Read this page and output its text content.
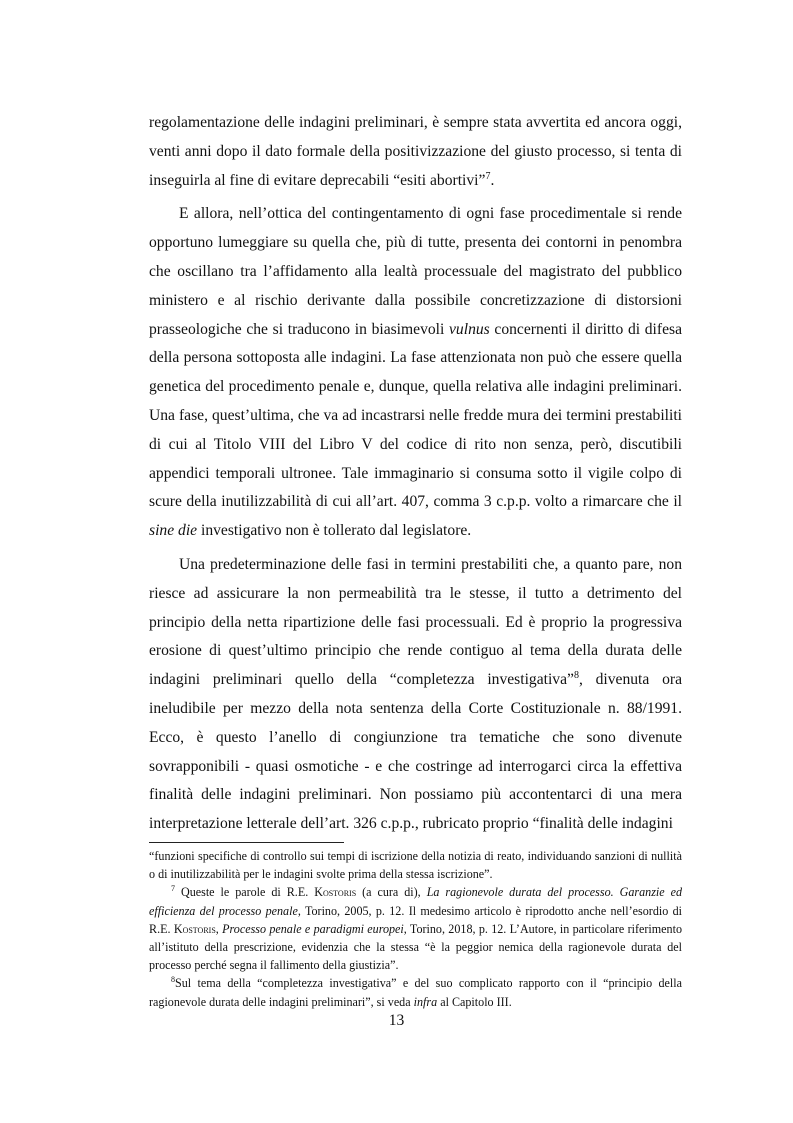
regolamentazione delle indagini preliminari, è sempre stata avvertita ed ancora oggi, venti anni dopo il dato formale della positivizzazione del giusto processo, si tenta di inseguirla al fine di evitare deprecabili “esiti abortivi”$^7$.

E allora, nell’ottica del contingentamento di ogni fase procedimentale si rende opportuno lumeggiare su quella che, più di tutte, presenta dei contorni in penombra che oscillano tra l’affidamento alla lealtà processuale del magistrato del pubblico ministero e al rischio derivante dalla possibile concretizzazione di distorsioni prasseologiche che si traducono in biasimevoli vulnus concernenti il diritto di difesa della persona sottoposta alle indagini. La fase attenzionata non può che essere quella genetica del procedimento penale e, dunque, quella relativa alle indagini preliminari. Una fase, quest’ultima, che va ad incastrarsi nelle fredde mura dei termini prestabiliti di cui al Titolo VIII del Libro V del codice di rito non senza, però, discutibili appendici temporali ultronee. Tale immaginario si consuma sotto il vigile colpo di scure della inutilizzabilità di cui all’art. 407, comma 3 c.p.p. volto a rimarcare che il sine die investigativo non è tollerato dal legislatore.

Una predeterminazione delle fasi in termini prestabiliti che, a quanto pare, non riesce ad assicurare la non permeabilità tra le stesse, il tutto a detrimento del principio della netta ripartizione delle fasi processuali. Ed è proprio la progressiva erosione di quest’ultimo principio che rende contiguo al tema della durata delle indagini preliminari quello della “completezza investigativa”$^8$, divenuta ora ineludibile per mezzo della nota sentenza della Corte Costituzionale n. 88/1991. Ecco, è questo l’anello di congiunzione tra tematiche che sono divenute sovrapponibili - quasi osmotiche - e che costringe ad interrogarci circa la effettiva finalità delle indagini preliminari. Non possiamo più accontentarci di una mera interpretazione letterale dell’art. 326 c.p.p., rubricato proprio “finalità delle indagini

“funzioni specifiche di controllo sui tempi di iscrizione della notizia di reato, individuando sanzioni di nullità o di inutilizzabilità per le indagini svolte prima della stessa iscrizione”.

$^7$ Queste le parole di R.E. Kostoris (a cura di), La ragionevole durata del processo. Garanzie ed efficienza del processo penale, Torino, 2005, p. 12. Il medesimo articolo è riprodotto anche nell’esordio di R.E. Kostoris, Processo penale e paradigmi europei, Torino, 2018, p. 12. L’Autore, in particolare riferimento all’istituto della prescrizione, evidenzia che la stessa “è la peggior nemica della ragionevole durata del processo perché segna il fallimento della giustizia”.

$^8$Sul tema della “completezza investigativa” e del suo complicato rapporto con il “principio della ragionevole durata delle indagini preliminari”, si veda infra al Capitolo III.

13
